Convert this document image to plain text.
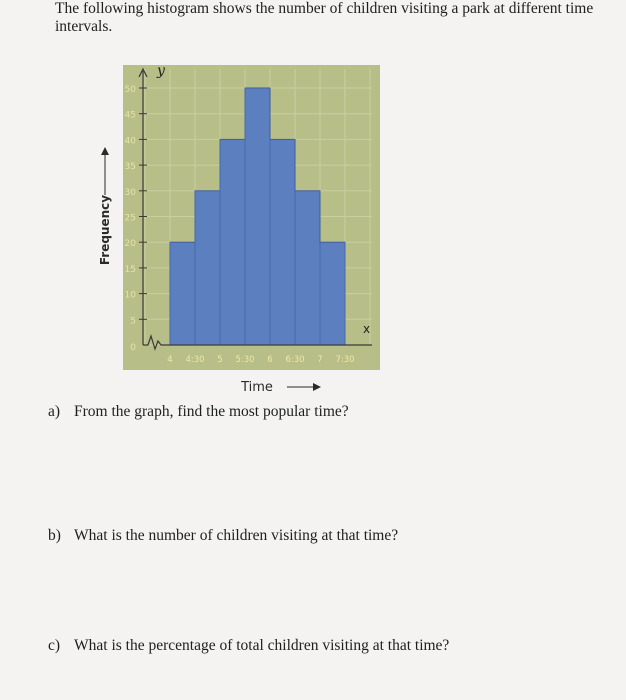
The following histogram shows the number of children visiting a park at different time intervals.
0
5
10
15
20
25
30
35
40
45
50
4 4:30 5 5:30 6 6:30 7 7:30
y
x
Frequency
Time
a) From the graph, find the most popular time?
b) What is the number of children visiting at that time?
c) What is the percentage of total children visiting at that time?
